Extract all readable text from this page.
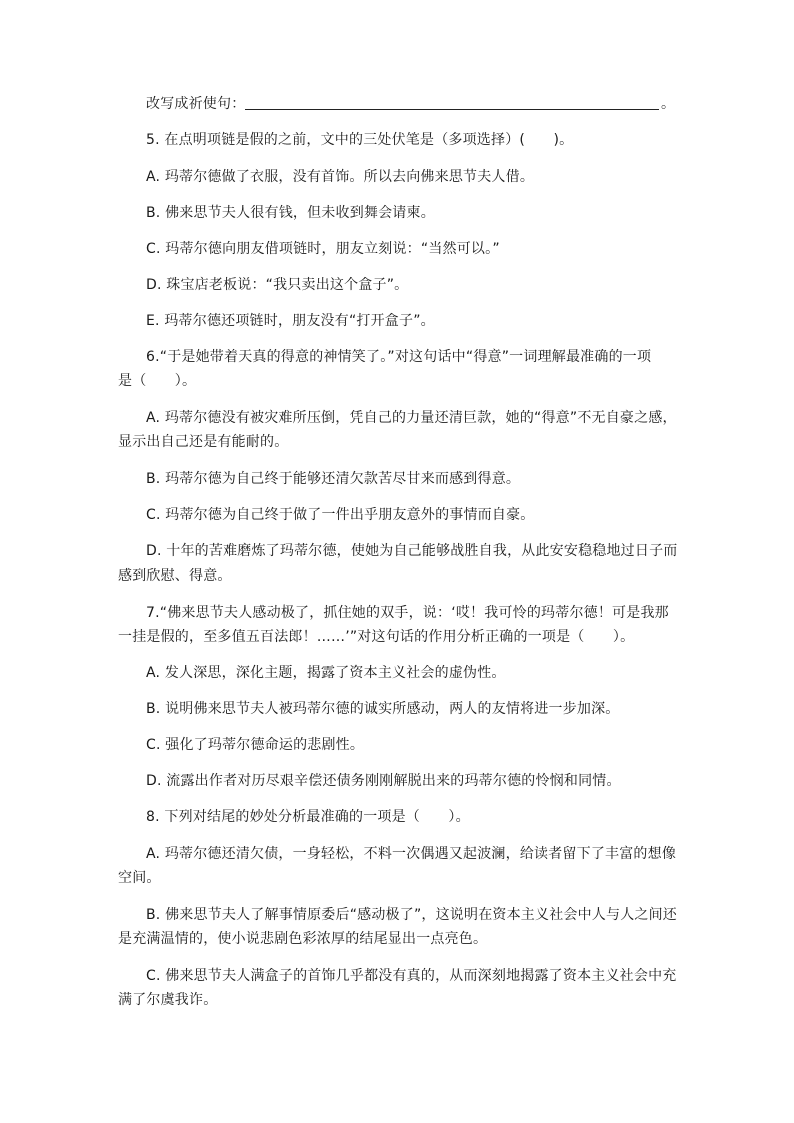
改写成祈使句：	。
5. 在点明项链是假的之前，文中的三处伏笔是（多项选择）(　　)。
A. 玛蒂尔德做了衣服，没有首饰。所以去向佛来思节夫人借。
B. 佛来思节夫人很有钱，但未收到舞会请柬。
C. 玛蒂尔德向朋友借项链时，朋友立刻说：“当然可以。”
D. 珠宝店老板说：“我只卖出这个盒子”。
E. 玛蒂尔德还项链时，朋友没有“打开盒子”。
6.“于是她带着天真的得意的神情笑了。”对这句话中“得意”一词理解最准确的一项
是（　　）。
A. 玛蒂尔德没有被灾难所压倒，凭自己的力量还清巨款，她的“得意”不无自豪之感，
显示出自己还是有能耐的。
B. 玛蒂尔德为自己终于能够还清欠款苦尽甘来而感到得意。
C. 玛蒂尔德为自己终于做了一件出乎朋友意外的事情而自豪。
D. 十年的苦难磨炼了玛蒂尔德，使她为自己能够战胜自我，从此安安稳稳地过日子而
感到欣慰、得意。
7.“佛来思节夫人感动极了，抓住她的双手，说：‘哎！我可怜的玛蒂尔德！可是我那
一挂是假的，至多值五百法郎！……’”对这句话的作用分析正确的一项是（　　）。
A. 发人深思，深化主题，揭露了资本主义社会的虚伪性。
B. 说明佛来思节夫人被玛蒂尔德的诚实所感动，两人的友情将进一步加深。
C. 强化了玛蒂尔德命运的悲剧性。
D. 流露出作者对历尽艰辛偿还债务刚刚解脱出来的玛蒂尔德的怜悯和同情。
8. 下列对结尾的妙处分析最准确的一项是（　　）。
A. 玛蒂尔德还清欠债，一身轻松，不料一次偶遇又起波澜，给读者留下了丰富的想像
空间。
B. 佛来思节夫人了解事情原委后“感动极了”，这说明在资本主义社会中人与人之间还
是充满温情的，使小说悲剧色彩浓厚的结尾显出一点亮色。
C. 佛来思节夫人满盒子的首饰几乎都没有真的，从而深刻地揭露了资本主义社会中充
满了尔虞我诈。
